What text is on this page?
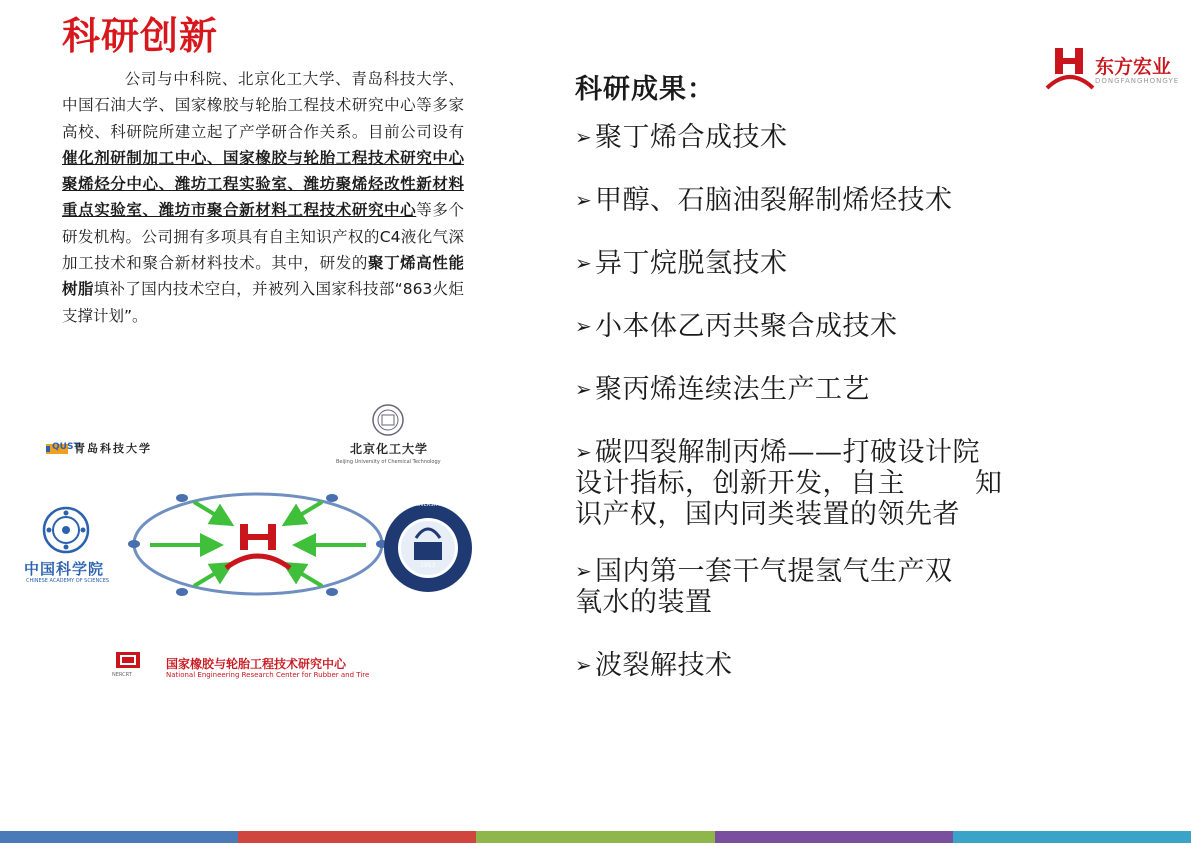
科研创新
公司与中科院、北京化工大学、青岛科技大学、中国石油大学、国家橡胶与轮胎工程技术研究中心等多家高校、科研院所建立起了产学研合作关系。目前公司设有催化剂研制加工中心、国家橡胶与轮胎工程技术研究中心聚烯烃分中心、潍坊工程实验室、潍坊聚烯烃改性新材料重点实验室、潍坊市聚合新材料工程技术研究中心等多个研发机构。公司拥有多项具有自主知识产权的C4液化气深加工技术和聚合新材料技术。其中，研发的聚丁烯高性能树脂填补了国内技术空白，并被列入国家科技部“863火炬支撑计划”。
东方宏业
DONGFANGHONGYE
QUST
青岛科技大学	北京化工大学
Beijing University of Chemical Technology
中国科学院
CHINESE ACADEMY OF SCIENCES
CHINA UNIVERSITY OF PETROLEUM
1953
NERCRT
国家橡胶与轮胎工程技术研究中心
National Engineering Research Center for Rubber and Tire
科研成果：
➢ 聚丁烯合成技术
➢ 甲醇、石脑油裂解制烯烃技术
➢ 异丁烷脱氢技术
➢ 小本体乙丙共聚合成技术
➢ 聚丙烯连续法生产工艺
➢ 碳四裂解制丙烯——打破设计院
设计指标，创新开发，自主	知
识产权，国内同类装置的领先者
➢ 国内第一套干气提氢气生产双
氧水的装置
➢ 波裂解技术
